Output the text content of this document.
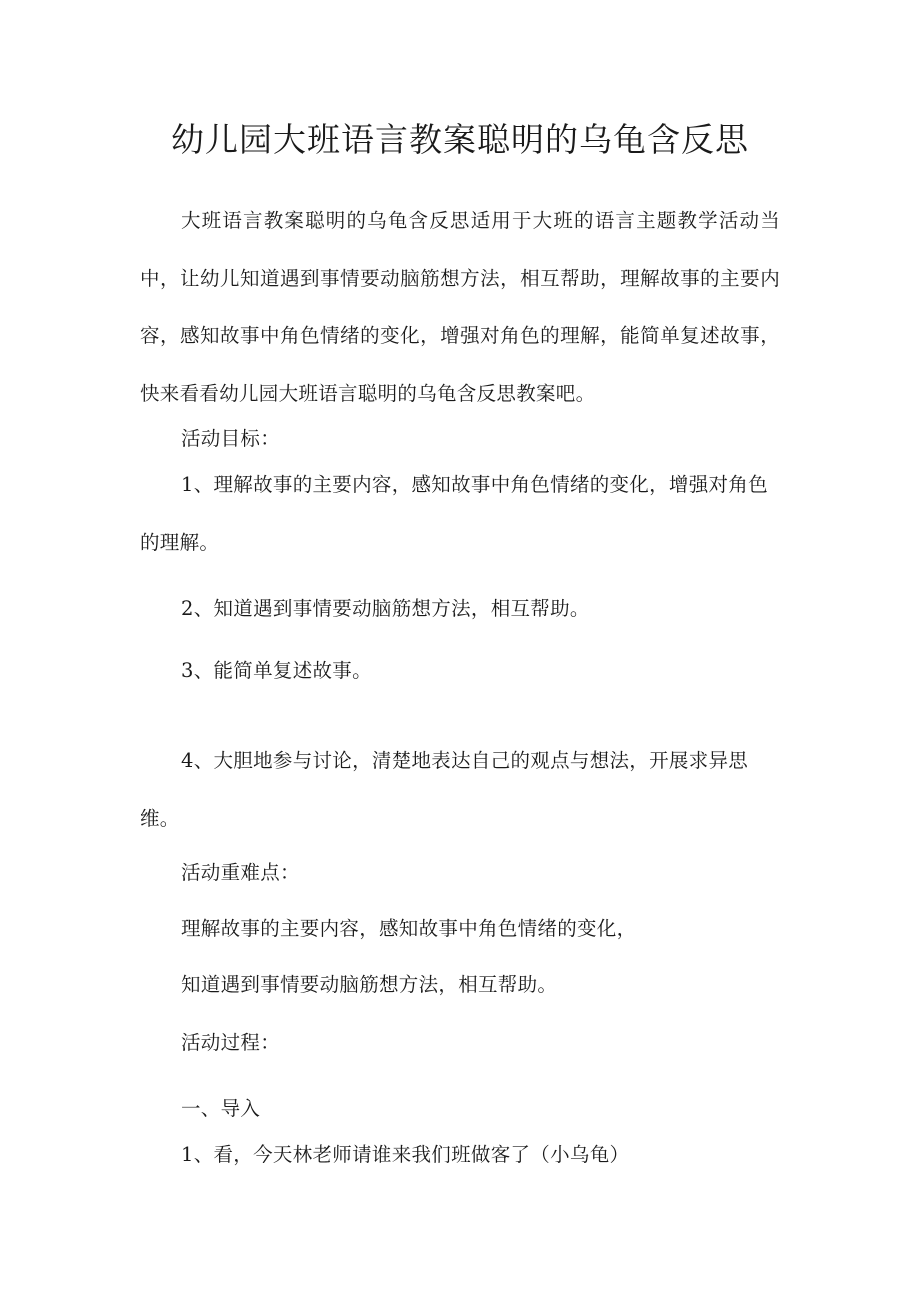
幼儿园大班语言教案聪明的乌龟含反思

大班语言教案聪明的乌龟含反思适用于大班的语言主题教学活动当中，让幼儿知道遇到事情要动脑筋想方法，相互帮助，理解故事的主要内容，感知故事中角色情绪的变化，增强对角色的理解，能简单复述故事，快来看看幼儿园大班语言聪明的乌龟含反思教案吧。

活动目标：

1、理解故事的主要内容，感知故事中角色情绪的变化，增强对角色的理解。

2、知道遇到事情要动脑筋想方法，相互帮助。

3、能简单复述故事。

4、大胆地参与讨论，清楚地表达自己的观点与想法，开展求异思维。

活动重难点：

理解故事的主要内容，感知故事中角色情绪的变化，

知道遇到事情要动脑筋想方法，相互帮助。

活动过程：

一、导入

1、看，今天林老师请谁来我们班做客了（小乌龟）
